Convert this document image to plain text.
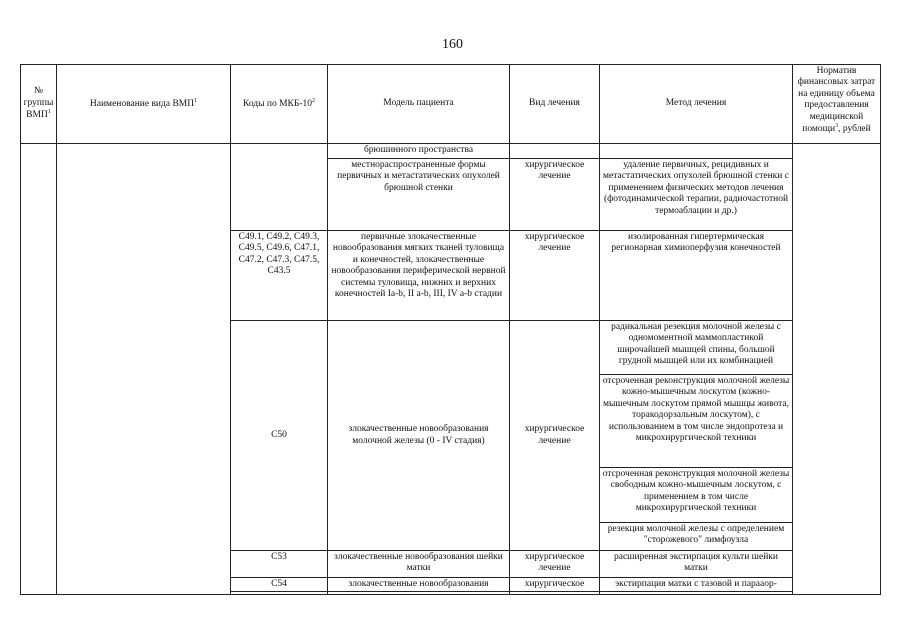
160
№ группы ВМП$^1$	Наименование вида ВМП$^1$	Коды по МКБ-$10^2$	Модель пациента	Вид лечения	Метод лечения	Норматив финансовых затрат на единицу объема предоставления медицинской помощи$^3$, рублей
			брюшинного пространства			
			местнораспространенные формы первичных и метастатических опухолей брюшной стенки	хирургическое лечение	удаление первичных, рецидивных и метастатических опухолей брюшной стенки с применением физических методов лечения (фотодинамической терапии, радиочастотной термоаблации и др.)	
		C49.1, C49.2, C49.3, C49.5, C49.6, C47.1, C47.2, C47.3, C47.5, C43.5	первичные злокачественные новообразования мягких тканей туловища и конечностей, злокачественные новообразования периферической нервной системы туловища, нижних и верхних конечностей Ia-b, II a-b, III, IV a-b стадии	хирургическое лечение	изолированная гипертермическая регионарная химиоперфузия конечностей	
		C50	злокачественные новообразования молочной железы (0 - IV стадия)	хирургическое лечение	радикальная резекция молочной железы с одномоментной маммопластикой широчайшей мышцей спины, большой грудной мышцей или их комбинацией	
					отсроченная реконструкция молочной железы кожно-мышечным лоскутом (кожно-мышечным лоскутом прямой мышцы живота, торакодорзальным лоскутом), с использованием в том числе эндопротеза и микрохирургической техники	
					отсроченная реконструкция молочной железы свободным кожно-мышечным лоскутом, с применением в том числе микрохирургической техники	
					резекция молочной железы с определением "сторожевого" лимфоузла	
		C53	злокачественные новообразования шейки матки	хирургическое лечение	расширенная экстирпация культи шейки матки	
		C54	злокачественные новообразования	хирургическое	экстирпация матки с тазовой и парааор-	
